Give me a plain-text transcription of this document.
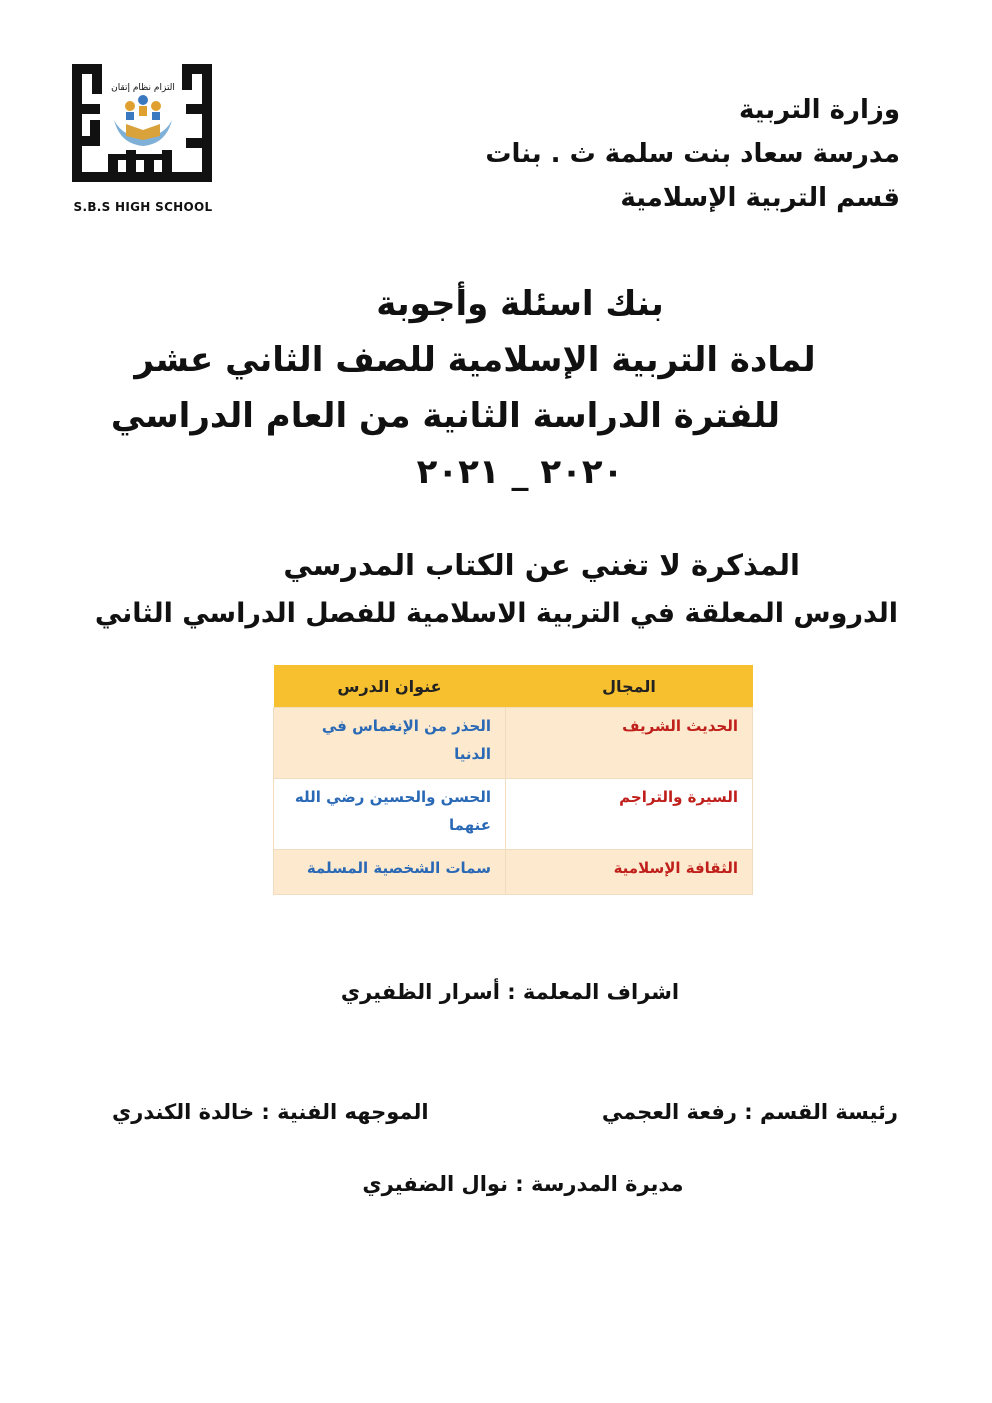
التزام نظام إتقان
S.B.S HIGH SCHOOL
وزارة التربية
مدرسة سعاد بنت سلمة ث . بنات
قسم التربية الإسلامية
بنك اسئلة وأجوبة
لمادة التربية الإسلامية للصف الثاني عشر
للفترة الدراسة الثانية من العام الدراسي
٢٠٢٠ _ ٢٠٢١
المذكرة لا تغني عن الكتاب المدرسي
الدروس المعلقة في التربية الاسلامية للفصل الدراسي الثاني
المجال	عنوان الدرس
الحديث الشريف	الحذر من الإنغماس في الدنيا
السيرة والتراجم	الحسن والحسين رضي الله عنهما
الثقافة الإسلامية	سمات الشخصية المسلمة
اشراف المعلمة : أسرار الظفيري
رئيسة القسم : رفعة العجمي
الموجهه الفنية : خالدة الكندري
مديرة المدرسة : نوال الضفيري
